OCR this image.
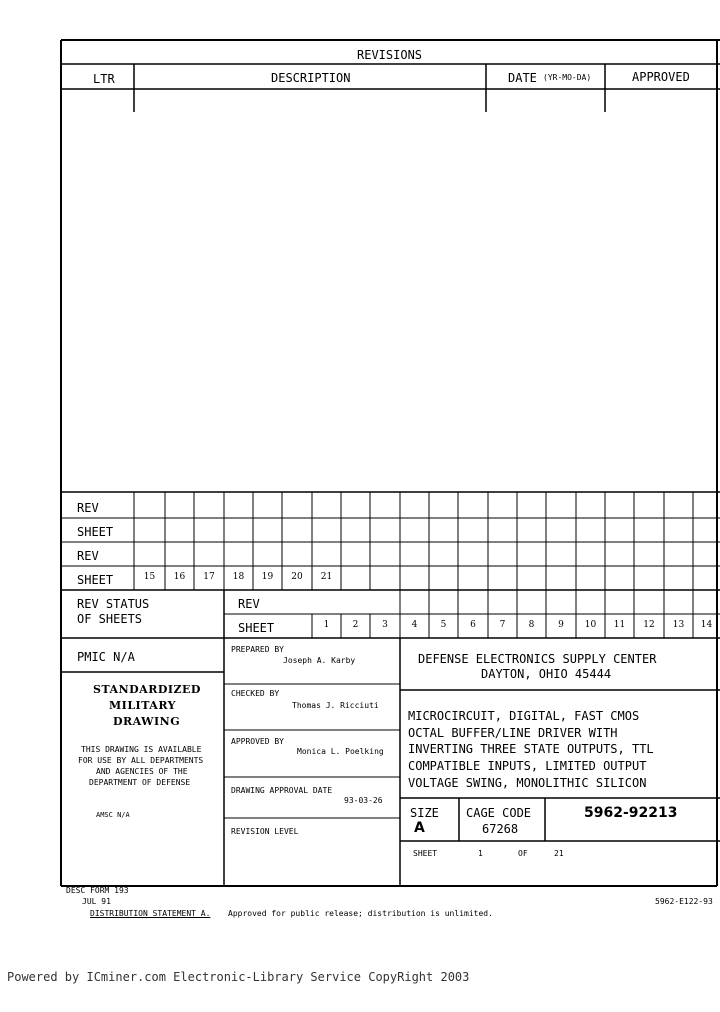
REVISIONS
LTR	DESCRIPTION	DATE (YR-MO-DA)	APPROVED
REV
SHEET
REV
SHEET	15	16	17	18	19	20	21
REV STATUS
OF SHEETS
REV
SHEET	1	2	3	4	5	6	7	8	9	10	11	12	13	14
PMIC N/A
STANDARDIZED
MILITARY
DRAWING
THIS DRAWING IS AVAILABLE
FOR USE BY ALL DEPARTMENTS
AND AGENCIES OF THE
DEPARTMENT OF DEFENSE
AMSC N/A
PREPARED BY
Joseph A. Karby
CHECKED BY
Thomas J. Ricciuti
APPROVED BY
Monica L. Poelking
DRAWING APPROVAL DATE
93-03-26
REVISION LEVEL
DEFENSE ELECTRONICS SUPPLY CENTER
DAYTON, OHIO 45444
MICROCIRCUIT, DIGITAL, FAST CMOS
OCTAL BUFFER/LINE DRIVER WITH
INVERTING THREE STATE OUTPUTS, TTL
COMPATIBLE INPUTS, LIMITED OUTPUT
VOLTAGE SWING, MONOLITHIC SILICON
SIZE
A
CAGE CODE
67268
5962-92213
SHEET	1	OF	21
DESC FORM 193
JUL 91
DISTRIBUTION STATEMENT A. Approved for public release; distribution is unlimited.
5962-E122-93
Powered by ICminer.com Electronic-Library Service CopyRight 2003
